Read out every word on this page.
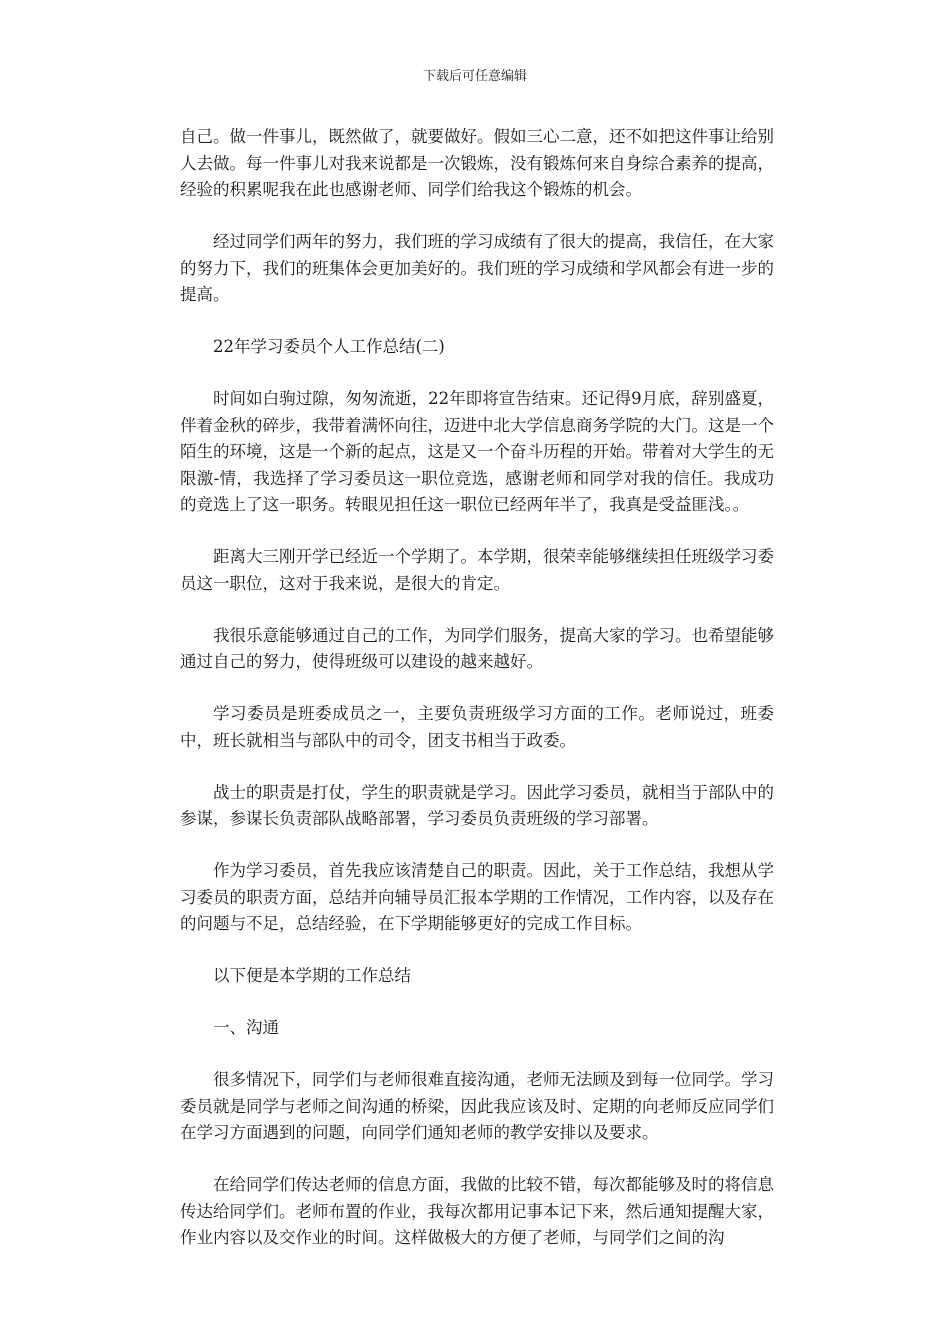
下载后可任意编辑

自己。做一件事儿，既然做了，就要做好。假如三心二意，还不如把这件事让给别人去做。每一件事儿对我来说都是一次锻炼，没有锻炼何来自身综合素养的提高，经验的积累呢我在此也感谢老师、同学们给我这个锻炼的机会。

经过同学们两年的努力，我们班的学习成绩有了很大的提高，我信任，在大家的努力下，我们的班集体会更加美好的。我们班的学习成绩和学风都会有进一步的提高。

22年学习委员个人工作总结(二)

时间如白驹过隙，匆匆流逝，22年即将宣告结束。还记得9月底，辞别盛夏，伴着金秋的碎步，我带着满怀向往，迈进中北大学信息商务学院的大门。这是一个陌生的环境，这是一个新的起点，这是又一个奋斗历程的开始。带着对大学生的无限激-情，我选择了学习委员这一职位竞选，感谢老师和同学对我的信任。我成功的竞选上了这一职务。转眼见担任这一职位已经两年半了，我真是受益匪浅。。

距离大三刚开学已经近一个学期了。本学期，很荣幸能够继续担任班级学习委员这一职位，这对于我来说，是很大的肯定。

我很乐意能够通过自己的工作，为同学们服务，提高大家的学习。也希望能够通过自己的努力，使得班级可以建设的越来越好。

学习委员是班委成员之一，主要负责班级学习方面的工作。老师说过，班委中，班长就相当与部队中的司令，团支书相当于政委。

战士的职责是打仗，学生的职责就是学习。因此学习委员，就相当于部队中的参谋，参谋长负责部队战略部署，学习委员负责班级的学习部署。

作为学习委员，首先我应该清楚自己的职责。因此，关于工作总结，我想从学习委员的职责方面，总结并向辅导员汇报本学期的工作情况，工作内容，以及存在的问题与不足，总结经验，在下学期能够更好的完成工作目标。

以下便是本学期的工作总结

一、沟通

很多情况下，同学们与老师很难直接沟通，老师无法顾及到每一位同学。学习委员就是同学与老师之间沟通的桥梁，因此我应该及时、定期的向老师反应同学们在学习方面遇到的问题，向同学们通知老师的教学安排以及要求。

在给同学们传达老师的信息方面，我做的比较不错，每次都能够及时的将信息传达给同学们。老师布置的作业，我每次都用记事本记下来，然后通知提醒大家，作业内容以及交作业的时间。这样做极大的方便了老师，与同学们之间的沟
